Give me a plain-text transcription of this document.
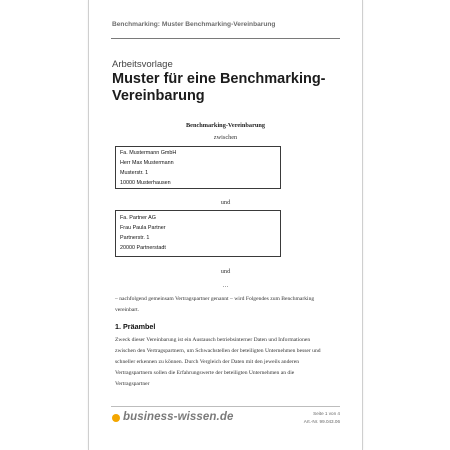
Benchmarking: Muster Benchmarking-Vereinbarung
Arbeitsvorlage
Muster für eine Benchmarking-Vereinbarung
Benchmarking-Vereinbarung
zwischen
Fa. Mustermann GmbH
Herr Max Mustermann
Musterstr. 1
10000 Musterhausen
und
Fa. Partner AG
Frau Paula Partner
Partnerstr. 1
20000 Partnerstadt
und
…
– nachfolgend gemeinsam Vertragspartner genannt – wird Folgendes zum Benchmarking vereinbart.
1. Präambel
Zweck dieser Vereinbarung ist ein Austausch betriebsinterner Daten und Informationen zwischen den Vertragspartnern, um Schwachstellen der beteiligten Unternehmen besser und schneller erkennen zu können. Durch Vergleich der Daten mit den jeweils anderen Vertragspartnern sollen die Erfahrungswerte der beteiligten Unternehmen an die Vertragspartner
business-wissen.de	Seite 1 von 4
Art.-Nr. 99.043.06
